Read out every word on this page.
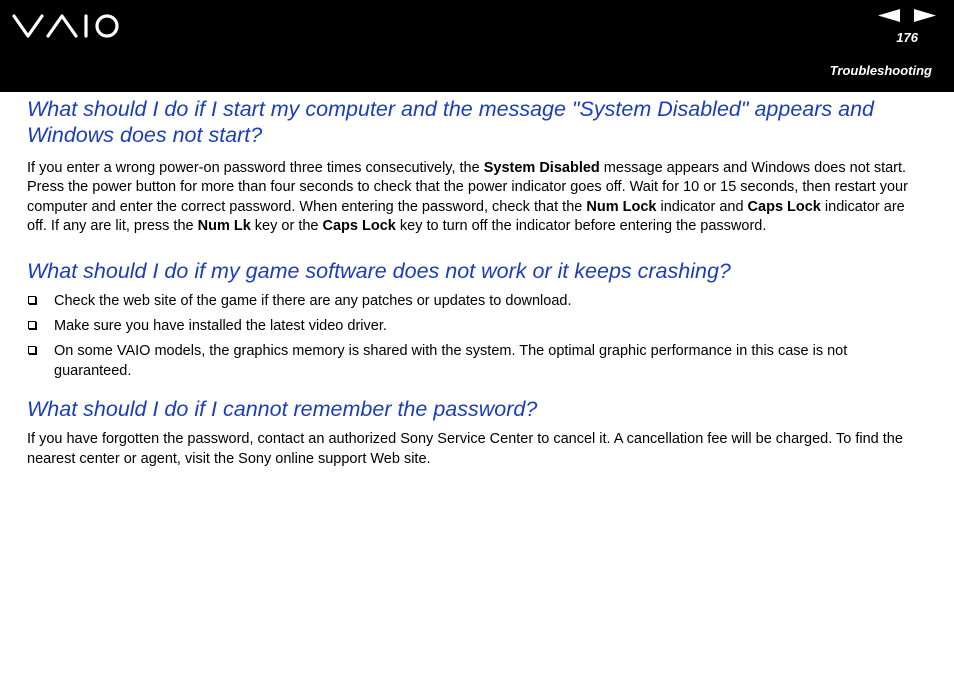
176
Troubleshooting
What should I do if I start my computer and the message "System Disabled" appears and Windows does not start?

If you enter a wrong power-on password three times consecutively, the System Disabled message appears and Windows does not start. Press the power button for more than four seconds to check that the power indicator goes off. Wait for 10 or 15 seconds, then restart your computer and enter the correct password. When entering the password, check that the Num Lock indicator and Caps Lock indicator are off. If any are lit, press the Num Lk key or the Caps Lock key to turn off the indicator before entering the password.

What should I do if my game software does not work or it keeps crashing?
Check the web site of the game if there are any patches or updates to download.
Make sure you have installed the latest video driver.
On some VAIO models, the graphics memory is shared with the system. The optimal graphic performance in this case is not guaranteed.
What should I do if I cannot remember the password?

If you have forgotten the password, contact an authorized Sony Service Center to cancel it. A cancellation fee will be charged. To find the nearest center or agent, visit the Sony online support Web site.
